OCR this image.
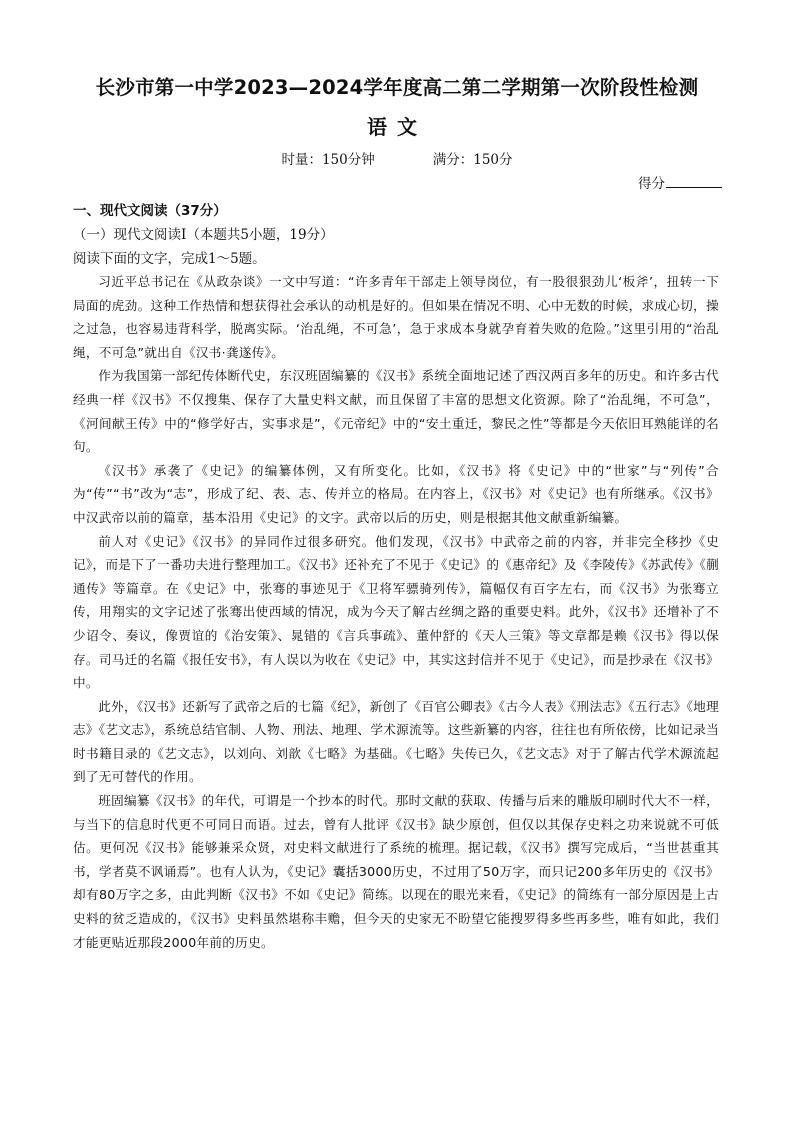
长沙市第一中学2023—2024学年度高二第二学期第一次阶段性检测
语文
时量：150分钟	满分：150分
得分
一、现代文阅读（37分）
（一）现代文阅读Ⅰ（本题共5小题，19分）
阅读下面的文字，完成1～5题。

习近平总书记在《从政杂谈》一文中写道：“许多青年干部走上领导岗位，有一股很狠劲儿‘板斧’，扭转一下局面的虎劲。这种工作热情和想获得社会承认的动机是好的。但如果在情况不明、心中无数的时候，求成心切，操之过急，也容易违背科学，脱离实际。‘治乱绳，不可急’，急于求成本身就孕育着失败的危险。”这里引用的“治乱绳，不可急”就出自《汉书·龚遂传》。

作为我国第一部纪传体断代史，东汉班固编纂的《汉书》系统全面地记述了西汉两百多年的历史。和许多古代经典一样《汉书》不仅搜集、保存了大量史料文献，而且保留了丰富的思想文化资源。除了“治乱绳，不可急”，《河间献王传》中的“修学好古，实事求是”，《元帝纪》中的“安土重迁，黎民之性”等都是今天依旧耳熟能详的名句。

《汉书》承袭了《史记》的编纂体例，又有所变化。比如，《汉书》将《史记》中的“世家”与“列传”合为“传”“书”改为“志”，形成了纪、表、志、传并立的格局。在内容上，《汉书》对《史记》也有所继承。《汉书》中汉武帝以前的篇章，基本沿用《史记》的文字。武帝以后的历史，则是根据其他文献重新编纂。

前人对《史记》《汉书》的异同作过很多研究。他们发现，《汉书》中武帝之前的内容，并非完全移抄《史记》，而是下了一番功夫进行整理加工。《汉书》还补充了不见于《史记》的《惠帝纪》及《李陵传》《苏武传》《蒯通传》等篇章。在《史记》中，张骞的事迹见于《卫将军骠骑列传》，篇幅仅有百字左右，而《汉书》为张骞立传，用翔实的文字记述了张骞出使西域的情况，成为今天了解古丝绸之路的重要史料。此外，《汉书》还增补了不少诏令、奏议，像贾谊的《治安策》、晁错的《言兵事疏》、董仲舒的《天人三策》等文章都是赖《汉书》得以保存。司马迁的名篇《报任安书》，有人误以为收在《史记》中，其实这封信并不见于《史记》，而是抄录在《汉书》中。

此外，《汉书》还新写了武帝之后的七篇《纪》，新创了《百官公卿表》《古今人表》《刑法志》《五行志》《地理志》《艺文志》，系统总结官制、人物、刑法、地理、学术源流等。这些新纂的内容，往往也有所依傍，比如记录当时书籍目录的《艺文志》，以刘向、刘歆《七略》为基础。《七略》失传已久，《艺文志》对于了解古代学术源流起到了无可替代的作用。

班固编纂《汉书》的年代，可谓是一个抄本的时代。那时文献的获取、传播与后来的雕版印刷时代大不一样，与当下的信息时代更不可同日而语。过去，曾有人批评《汉书》缺少原创，但仅以其保存史料之功来说就不可低估。更何况《汉书》能够兼采众贤，对史料文献进行了系统的梳理。据记载，《汉书》撰写完成后，“当世甚重其书，学者莫不讽诵焉”。也有人认为，《史记》囊括3000历史，不过用了50万字，而只记200多年历史的《汉书》却有80万字之多，由此判断《汉书》不如《史记》简练。以现在的眼光来看，《史记》的简练有一部分原因是上古史料的贫乏造成的，《汉书》史料虽然堪称丰赡，但今天的史家无不盼望它能搜罗得多些再多些，唯有如此，我们才能更贴近那段2000年前的历史。
